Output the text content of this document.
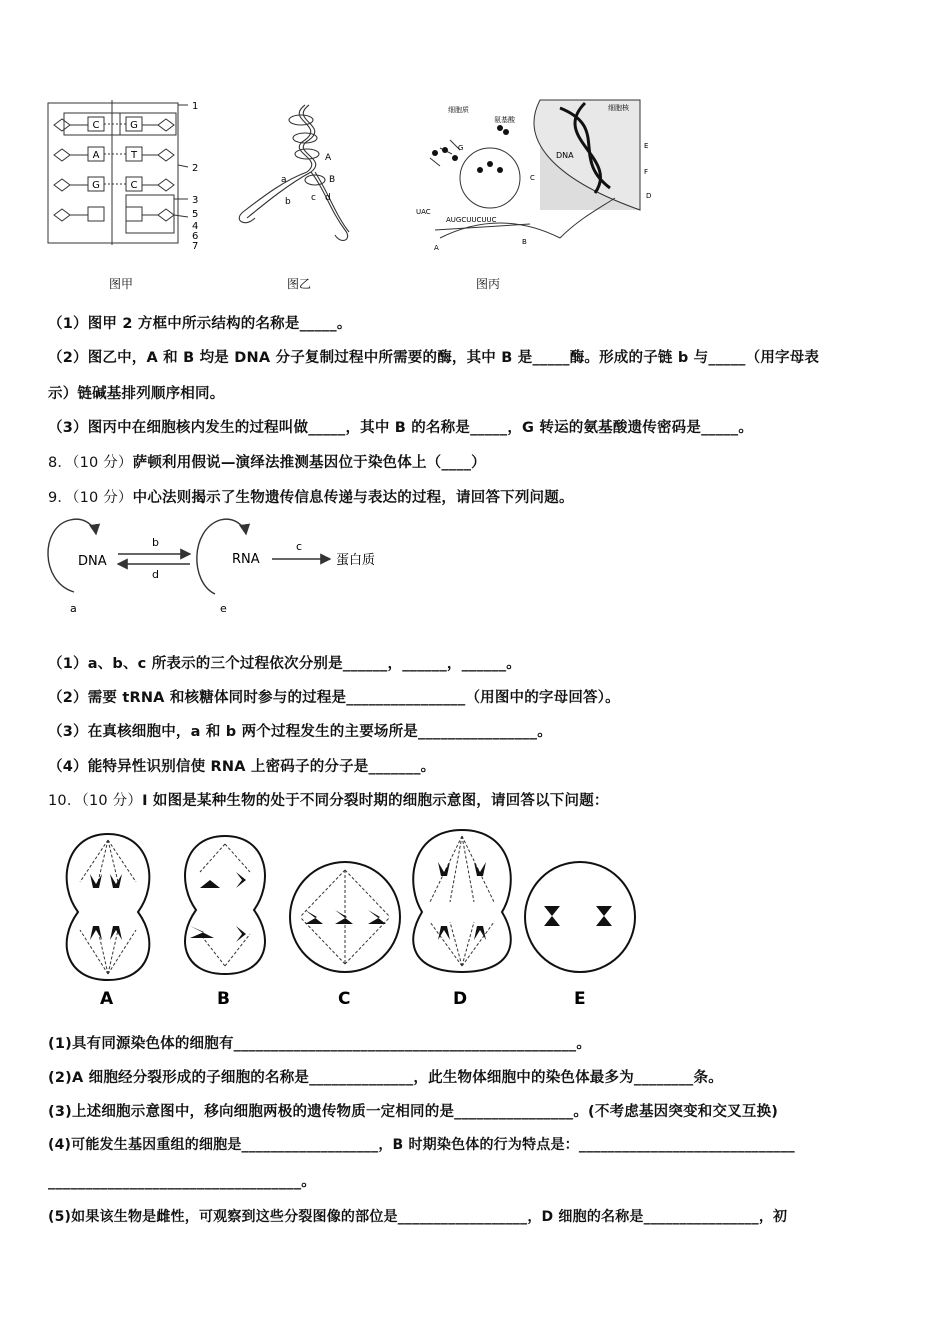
C
A
G
G
T
C
1
2
3
5
4
6
7
A
B
a
b c d
细胞质
氨基酸
细胞核
DNA
G
C
E
F
A
B
D
UAC
AUGCUUCUUC
图甲	图乙	图丙
（1）图甲 2 方框中所示结构的名称是_____。
（2）图乙中，A 和 B 均是 DNA 分子复制过程中所需要的酶，其中 B 是_____酶。形成的子链 b 与_____（用字母表
示）链碱基排列顺序相同。
（3）图丙中在细胞核内发生的过程叫做_____，其中 B 的名称是_____，G 转运的氨基酸遗传密码是_____。
8．（10 分）萨顿利用假说—演绎法推测基因位于染色体上（____）
9．（10 分）中心法则揭示了生物遗传信息传递与表达的过程，请回答下列问题。
DNA	RNA	蛋白质
a
b	c
d
e
（1）a、b、c 所表示的三个过程依次分别是______，______，______。
（2）需要 tRNA 和核糖体同时参与的过程是________________（用图中的字母回答）。
（3）在真核细胞中，a 和 b 两个过程发生的主要场所是________________。
（4）能特异性识别信使 RNA 上密码子的分子是_______。
10．（10 分）I 如图是某种生物的处于不同分裂时期的细胞示意图，请回答以下问题：
A	B	C	D	E
(1)具有同源染色体的细胞有______________________________________________。
(2)A 细胞经分裂形成的子细胞的名称是______________，此生物体细胞中的染色体最多为________条。
(3)上述细胞示意图中，移向细胞两极的遗传物质一定相同的是________________。(不考虑基因突变和交叉互换)
(4)可能发生基因重组的细胞是___________________，B 时期染色体的行为特点是：______________________________
__________________________________。
(5)如果该生物是雌性，可观察到这些分裂图像的部位是__________________，D 细胞的名称是________________，初
